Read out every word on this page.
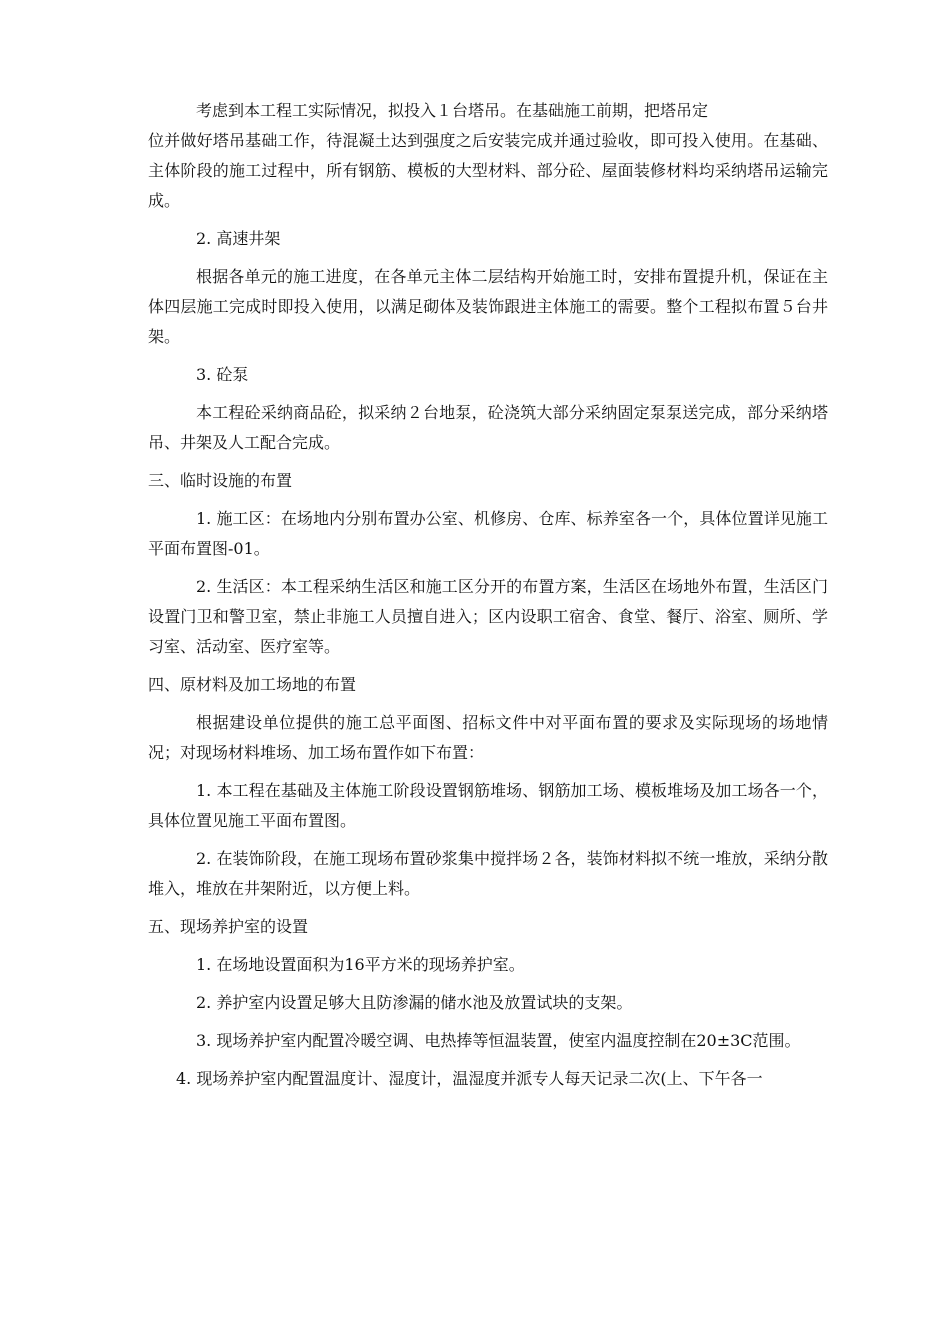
考虑到本工程工实际情况，拟投入１台塔吊。在基础施工前期，把塔吊定

位并做好塔吊基础工作，待混凝土达到强度之后安装完成并通过验收，即可投入使用。在基础、主体阶段的施工过程中，所有钢筋、模板的大型材料、部分砼、屋面装修材料均采纳塔吊运输完成。

2. 高速井架

根据各单元的施工进度，在各单元主体二层结构开始施工时，安排布置提升机，保证在主体四层施工完成时即投入使用，以满足砌体及装饰跟进主体施工的需要。整个工程拟布置５台井架。

3. 砼泵

本工程砼采纳商品砼，拟采纳２台地泵，砼浇筑大部分采纳固定泵泵送完成，部分采纳塔吊、井架及人工配合完成。

三、临时设施的布置

1. 施工区：在场地内分别布置办公室、机修房、仓库、标养室各一个，具体位置详见施工平面布置图-01。

2. 生活区：本工程采纳生活区和施工区分开的布置方案，生活区在场地外布置，生活区门设置门卫和警卫室，禁止非施工人员擅自进入；区内设职工宿舍、食堂、餐厅、浴室、厕所、学习室、活动室、医疗室等。

四、原材料及加工场地的布置

根据建设单位提供的施工总平面图、招标文件中对平面布置的要求及实际现场的场地情况；对现场材料堆场、加工场布置作如下布置：

1. 本工程在基础及主体施工阶段设置钢筋堆场、钢筋加工场、模板堆场及加工场各一个，具体位置见施工平面布置图。

2. 在装饰阶段，在施工现场布置砂浆集中搅拌场２各，装饰材料拟不统一堆放，采纳分散堆入，堆放在井架附近，以方便上料。

五、现场养护室的设置

1. 在场地设置面积为16平方米的现场养护室。

2. 养护室内设置足够大且防渗漏的储水池及放置试块的支架。

3. 现场养护室内配置冷暖空调、电热捧等恒温装置，使室内温度控制在20±3C范围。

4. 现场养护室内配置温度计、湿度计，温湿度并派专人每天记录二次(上、下午各一
